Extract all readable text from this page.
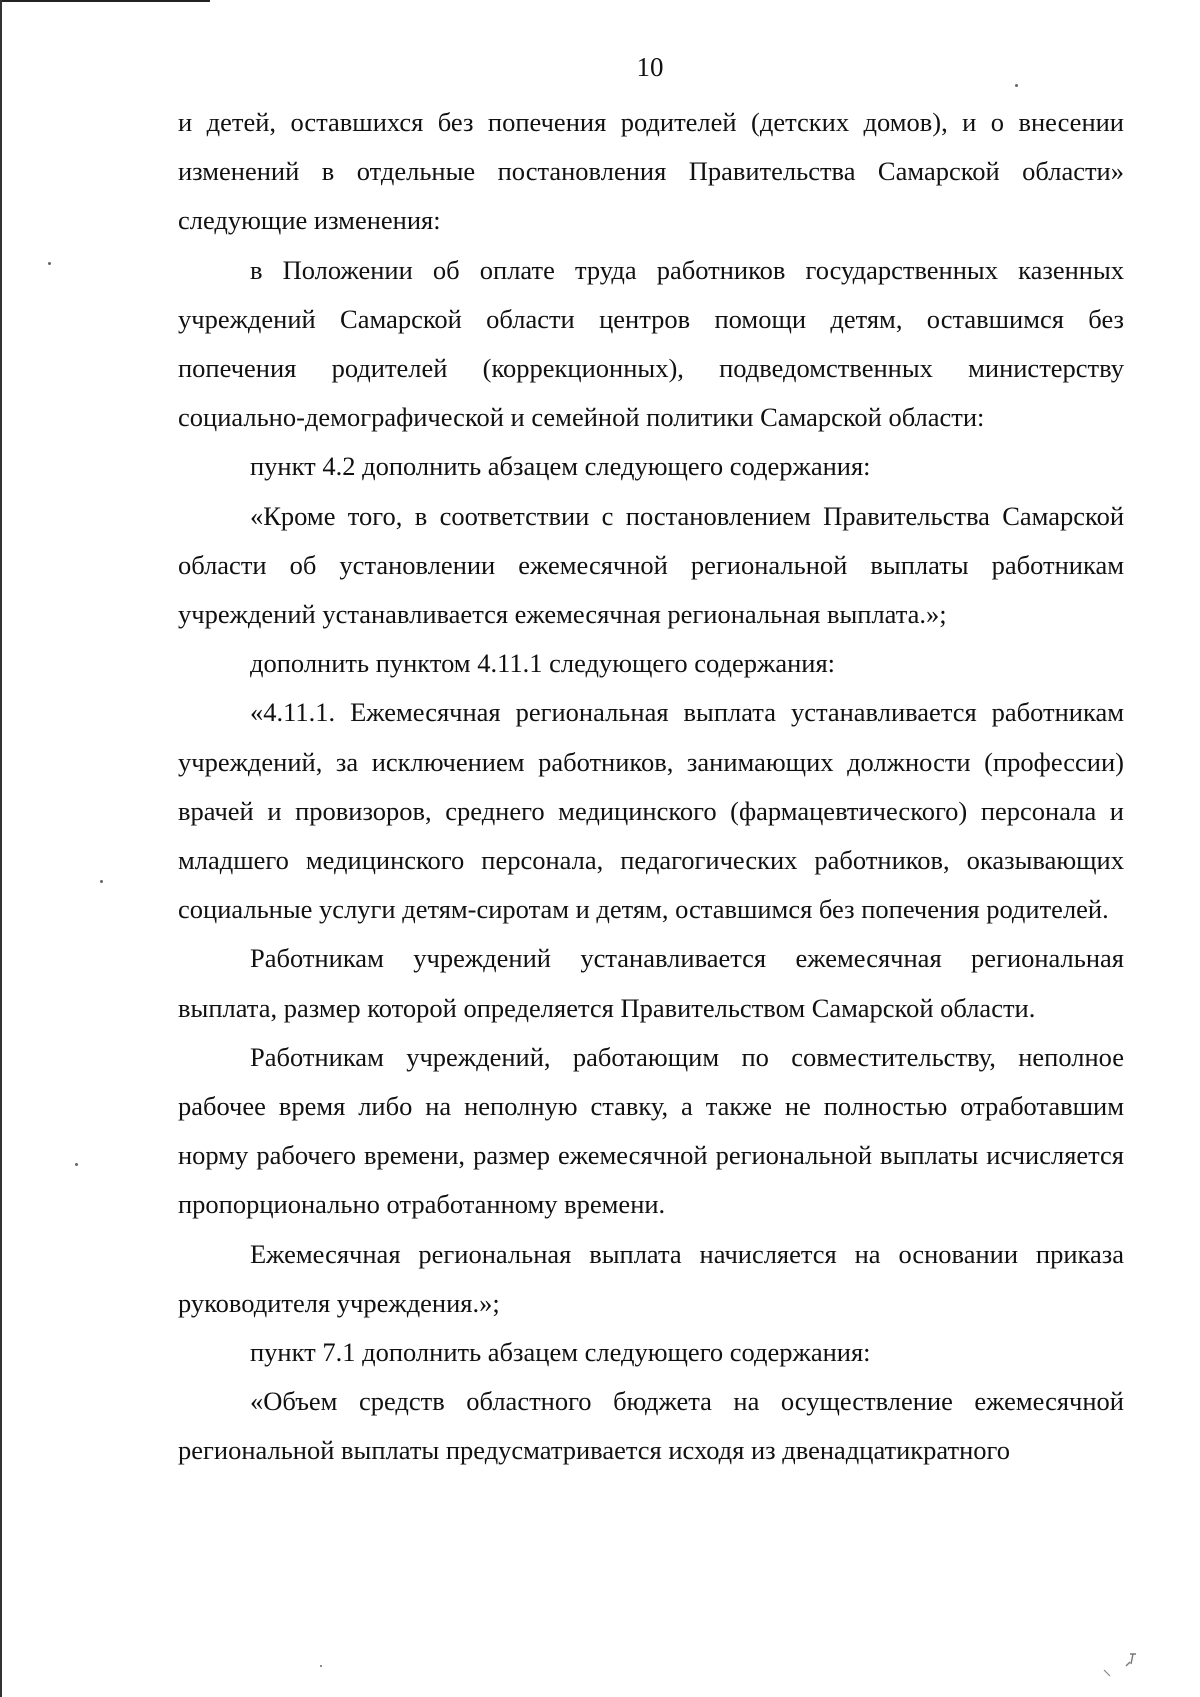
10

и детей, оставшихся без попечения родителей (детских домов), и о внесении изменений в отдельные постановления Правительства Самарской области» следующие изменения:

в Положении об оплате труда работников государственных казенных учреждений Самарской области центров помощи детям, оставшимся без попечения родителей (коррекционных), подведомственных министерству социально-демографической и семейной политики Самарской области:

пункт 4.2 дополнить абзацем следующего содержания:

«Кроме того, в соответствии с постановлением Правительства Самарской области об установлении ежемесячной региональной выплаты работникам учреждений устанавливается ежемесячная региональная выплата.»;

дополнить пунктом 4.11.1 следующего содержания:

«4.11.1. Ежемесячная региональная выплата устанавливается работникам учреждений, за исключением работников, занимающих должности (профессии) врачей и провизоров, среднего медицинского (фармацевтического) персонала и младшего медицинского персонала, педагогических работников, оказывающих социальные услуги детям-сиротам и детям, оставшимся без попечения родителей.

Работникам учреждений устанавливается ежемесячная региональная выплата, размер которой определяется Правительством Самарской области.

Работникам учреждений, работающим по совместительству, неполное рабочее время либо на неполную ставку, а также не полностью отработавшим норму рабочего времени, размер ежемесячной региональной выплаты исчисляется пропорционально отработанному времени.

Ежемесячная региональная выплата начисляется на основании приказа руководителя учреждения.»;

пункт 7.1 дополнить абзацем следующего содержания:

«Объем средств областного бюджета на осуществление ежемесячной региональной выплаты предусматривается исходя из двенадцатикратного
